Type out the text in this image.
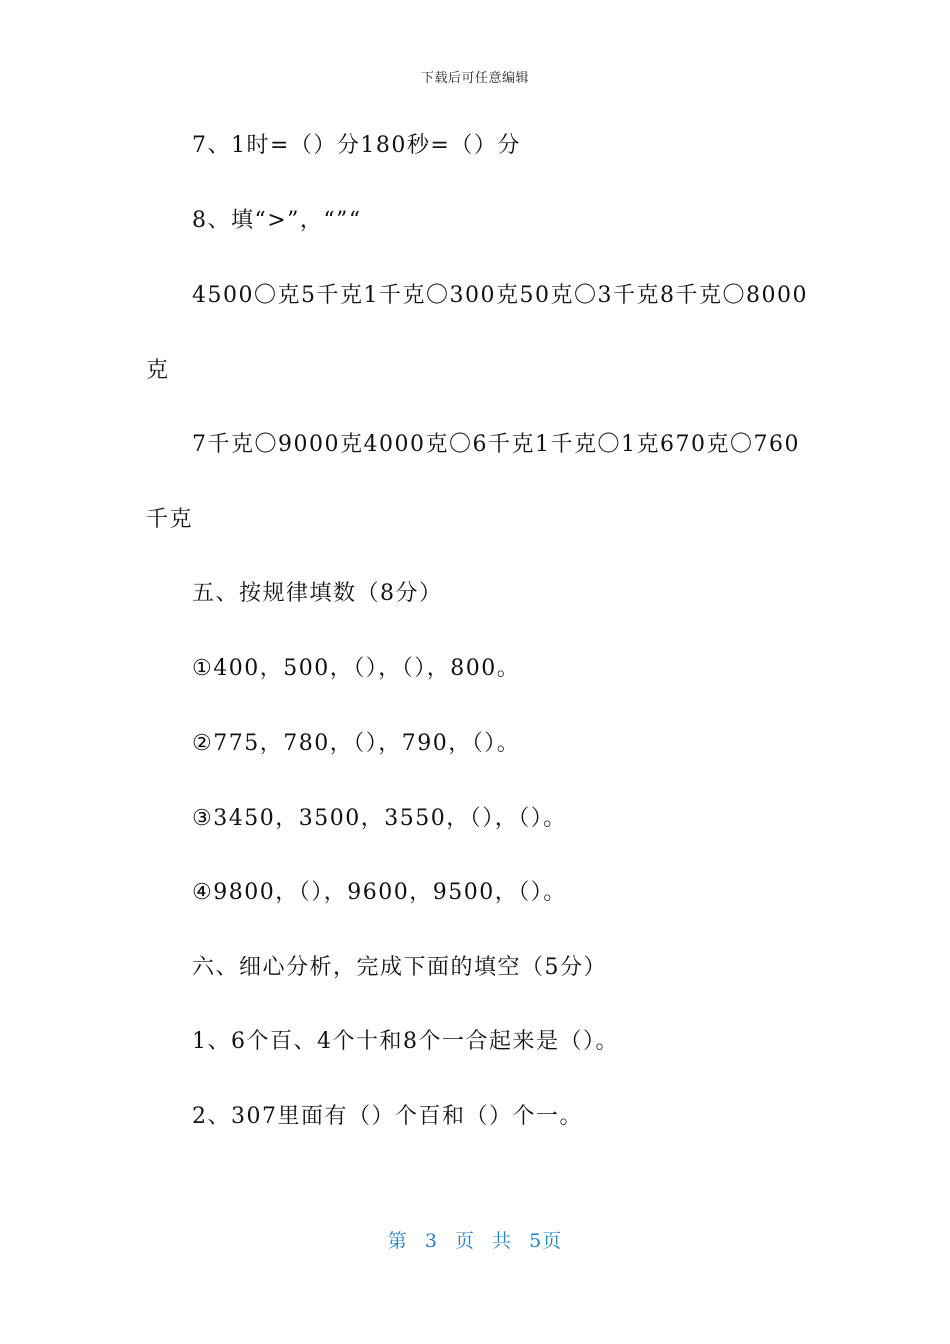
下载后可任意编辑
7、1时=（）分180秒=（）分
8、填“>”，“”“
4500〇克5千克1千克〇300克50克〇3千克8千克〇8000
克
7千克〇9000克4000克〇6千克1千克〇1克670克〇760
千克
五、按规律填数（8分）
①400，500，（），（），800。
②775，780，（），790，（）。
③3450，3500，3550，（），（）。
④9800，（），9600，9500，（）。
六、细心分析，完成下面的填空（5分）
1、6个百、4个十和8个一合起来是（）。
2、307里面有（）个百和（）个一。
第 3 页 共 5页
